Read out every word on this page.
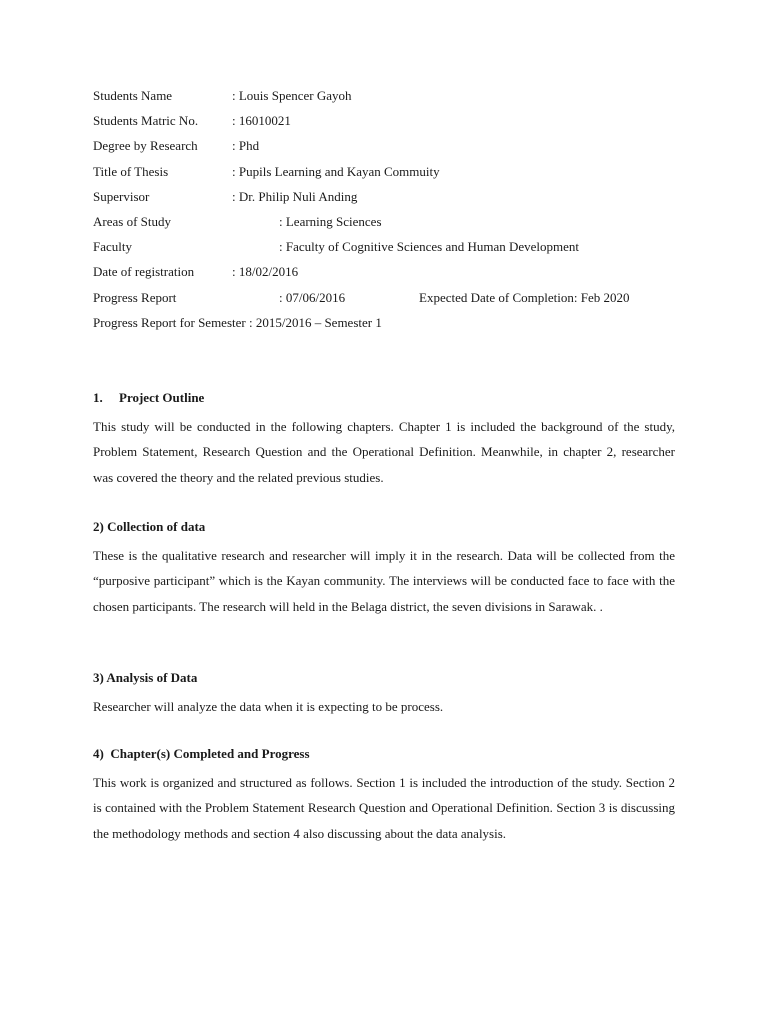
Students Name	: Louis Spencer Gayoh
Students Matric No.	: 16010021
Degree by Research	: Phd
Title of Thesis	: Pupils Learning and Kayan Commuity
Supervisor	: Dr. Philip Nuli Anding
Areas of Study	: Learning Sciences
Faculty	: Faculty of Cognitive Sciences and Human Development
Date of registration	: 18/02/2016
Progress Report	: 07/06/2016	Expected Date of Completion: Feb 2020
Progress Report for Semester : 2015/2016 – Semester 1
1. Project Outline

This study will be conducted in the following chapters. Chapter 1 is included the background of the study, Problem Statement, Research Question and the Operational Definition. Meanwhile, in chapter 2, researcher was covered the theory and the related previous studies.

2) Collection of data

These is the qualitative research and researcher will imply it in the research. Data will be collected from the “purposive participant” which is the Kayan community. The interviews will be conducted face to face with the chosen participants. The research will held in the Belaga district, the seven divisions in Sarawak. .

3) Analysis of Data

Researcher will analyze the data when it is expecting to be process.

4)  Chapter(s) Completed and Progress

This work is organized and structured as follows. Section 1 is included the introduction of the study. Section 2 is contained with the Problem Statement Research Question and Operational Definition. Section 3 is discussing the methodology methods and section 4 also discussing about the data analysis.
